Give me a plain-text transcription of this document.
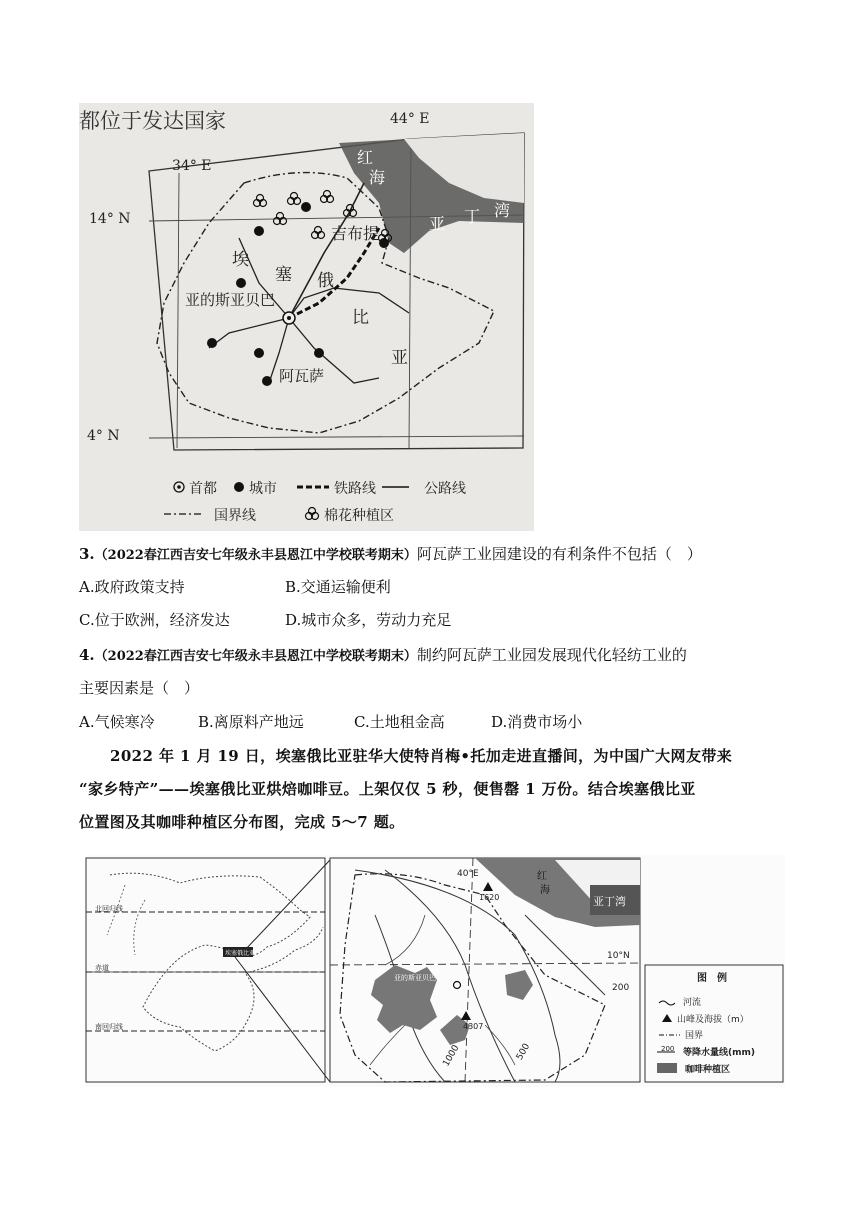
都位于发达国家	44° E
34° E
14° N
4° N
红
海
亚 丁 湾
埃
塞 俄
比
亚
吉布提
亚的斯亚贝巴
阿瓦萨
首都 城市	铁路线	公路线
国界线	棉花种植区
3.（2022春江西吉安七年级永丰县恩江中学校联考期末）阿瓦萨工业园建设的有利条件不包括（　）
A.政府政策支持	B.交通运输便利
C.位于欧洲，经济发达	D.城市众多，劳动力充足
4.（2022春江西吉安七年级永丰县恩江中学校联考期末）制约阿瓦萨工业园发展现代化轻纺工业的
主要因素是（　）
A.气候寒冷	B.离原料产地远	C.土地租金高	D.消费市场小
2022 年 1 月 19 日，埃塞俄比亚驻华大使特肖梅•托加走进直播间，为中国广大网友带来
“家乡特产”——埃塞俄比亚烘焙咖啡豆。上架仅仅 5 秒，便售罄 1 万份。结合埃塞俄比亚
位置图及其咖啡种植区分布图，完成 5～7 题。
北回归线
赤道
南回归线
埃塞俄比亚
40°E	红
海
亚丁湾
10°N
1620
4307
亚的斯亚贝巴
200
500
1000
图　例
河流
山峰及海拔（m）
国界
200 等降水量线(mm)
咖啡种植区
